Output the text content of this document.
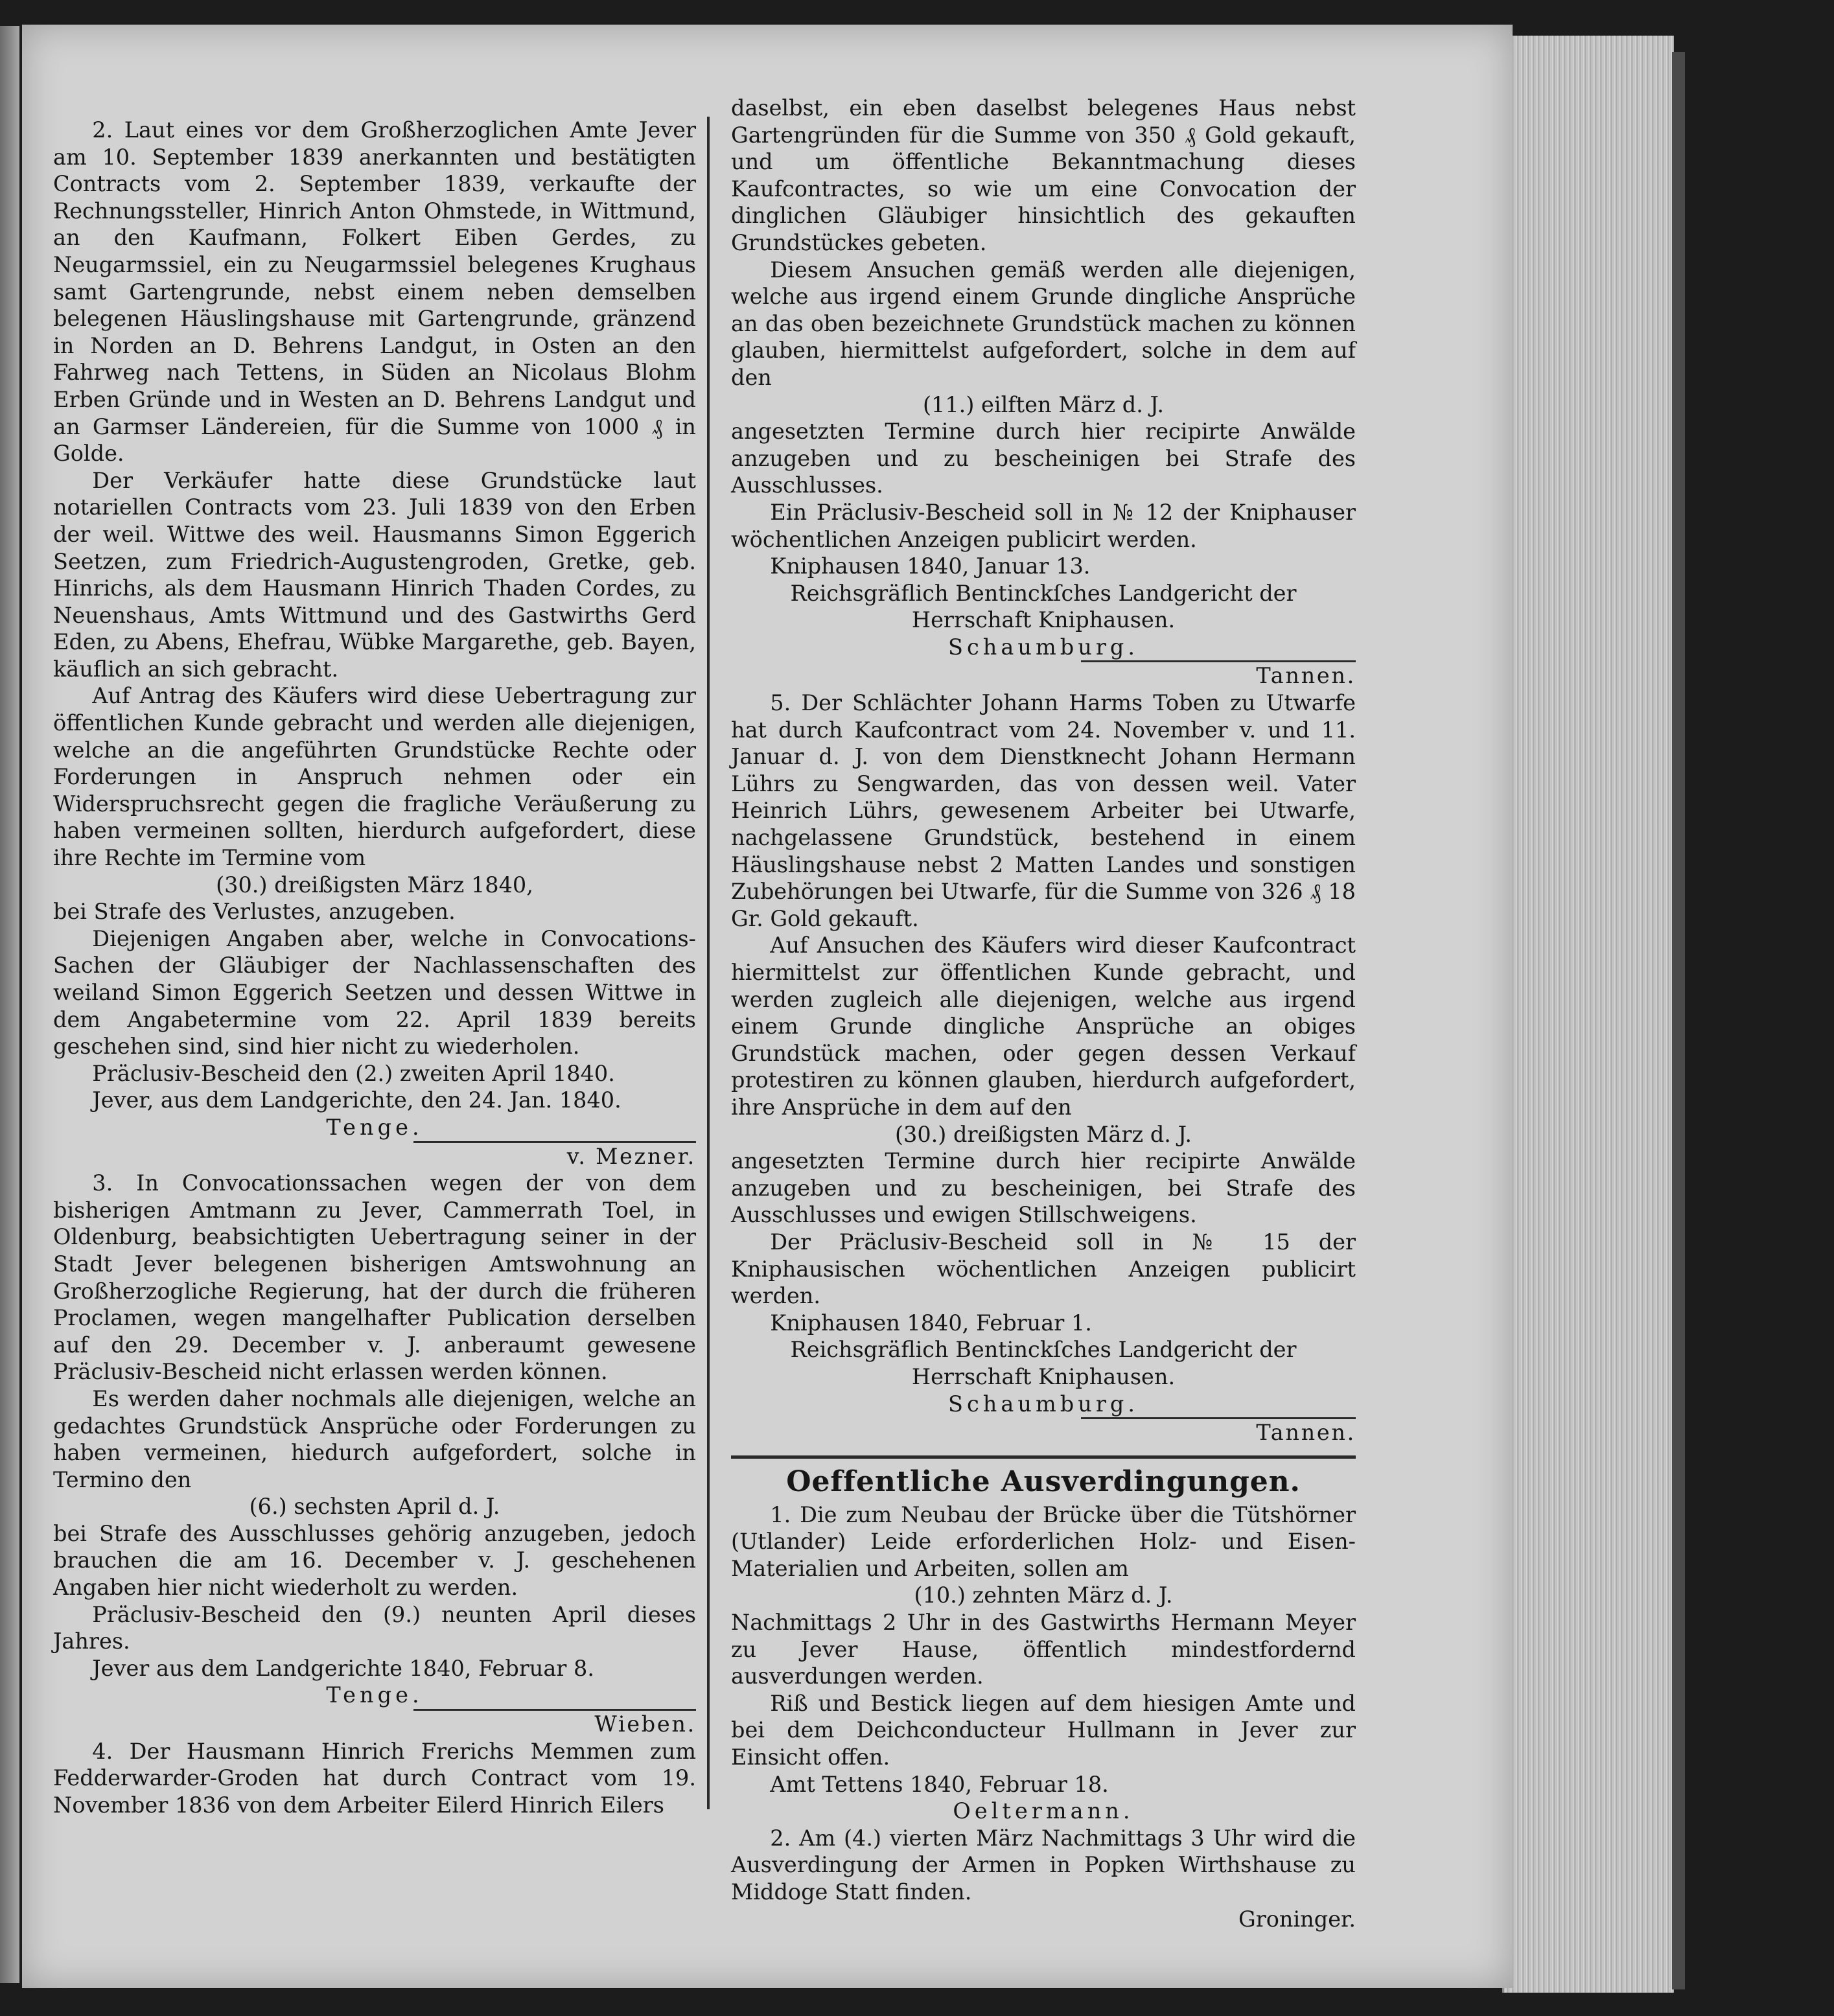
2. Laut eines vor dem Großherzoglichen Amte Jever am 10. September 1839 anerkannten und bestätigten Contracts vom 2. September 1839, verkaufte der Rechnungssteller, Hinrich Anton Ohmstede, in Wittmund, an den Kaufmann, Folkert Eiben Gerdes, zu Neugarmssiel, ein zu Neugarmssiel belegenes Krughaus samt Gartengrunde, nebst einem neben demselben belegenen Häuslingshause mit Gartengrunde, gränzend in Norden an D. Behrens Landgut, in Osten an den Fahrweg nach Tettens, in Süden an Nicolaus Blohm Erben Gründe und in Westen an D. Behrens Landgut und an Garmser Ländereien, für die Summe von 1000 ₰ in Golde.

Der Verkäufer hatte diese Grundstücke laut notariellen Contracts vom 23. Juli 1839 von den Erben der weil. Wittwe des weil. Hausmanns Simon Eggerich Seetzen, zum Friedrich-Augustengroden, Gretke, geb. Hinrichs, als dem Hausmann Hinrich Thaden Cordes, zu Neuenshaus, Amts Wittmund und des Gastwirths Gerd Eden, zu Abens, Ehefrau, Wübke Margarethe, geb. Bayen, käuflich an sich gebracht.

Auf Antrag des Käufers wird diese Uebertragung zur öffentlichen Kunde gebracht und werden alle diejenigen, welche an die angeführten Grundstücke Rechte oder Forderungen in Anspruch nehmen oder ein Widerspruchsrecht gegen die fragliche Veräußerung zu haben vermeinen sollten, hierdurch aufgefordert, diese ihre Rechte im Termine vom

(30.) dreißigsten März 1840,

bei Strafe des Verlustes, anzugeben.

Diejenigen Angaben aber, welche in Convocations-Sachen der Gläubiger der Nachlassenschaften des weiland Simon Eggerich Seetzen und dessen Wittwe in dem Angabetermine vom 22. April 1839 bereits geschehen sind, sind hier nicht zu wiederholen.

Präclusiv-Bescheid den (2.) zweiten April 1840.

Jever, aus dem Landgerichte, den 24. Jan. 1840.

Tenge.

v. Mezner.

3. In Convocationssachen wegen der von dem bisherigen Amtmann zu Jever, Cammerrath Toel, in Oldenburg, beabsichtigten Uebertragung seiner in der Stadt Jever belegenen bisherigen Amtswohnung an Großherzogliche Regierung, hat der durch die früheren Proclamen, wegen mangelhafter Publication derselben auf den 29. December v. J. anberaumt gewesene Präclusiv-Bescheid nicht erlassen werden können.

Es werden daher nochmals alle diejenigen, welche an gedachtes Grundstück Ansprüche oder Forderungen zu haben vermeinen, hiedurch aufgefordert, solche in Termino den

(6.) sechsten April d. J.

bei Strafe des Ausschlusses gehörig anzugeben, jedoch brauchen die am 16. December v. J. geschehenen Angaben hier nicht wiederholt zu werden.

Präclusiv-Bescheid den (9.) neunten April dieses Jahres.

Jever aus dem Landgerichte 1840, Februar 8.

Tenge.

Wieben.

4. Der Hausmann Hinrich Frerichs Memmen zum Fedderwarder-Groden hat durch Contract vom 19. November 1836 von dem Arbeiter Eilerd Hinrich Eilers

daselbst, ein eben daselbst belegenes Haus nebst Gartengründen für die Summe von 350 ₰ Gold gekauft, und um öffentliche Bekanntmachung dieses Kaufcontractes, so wie um eine Convocation der dinglichen Gläubiger hinsichtlich des gekauften Grundstückes gebeten.

Diesem Ansuchen gemäß werden alle diejenigen, welche aus irgend einem Grunde dingliche Ansprüche an das oben bezeichnete Grundstück machen zu können glauben, hiermittelst aufgefordert, solche in dem auf den

(11.) eilften März d. J.

angesetzten Termine durch hier recipirte Anwälde anzugeben und zu bescheinigen bei Strafe des Ausschlusses.

Ein Präclusiv-Bescheid soll in № 12 der Kniphauser wöchentlichen Anzeigen publicirt werden.

Kniphausen 1840, Januar 13.

Reichsgräflich Bentinckſches Landgericht der Herrschaft Kniphausen.

Schaumburg.

Tannen.

5. Der Schlächter Johann Harms Toben zu Utwarfe hat durch Kaufcontract vom 24. November v. und 11. Januar d. J. von dem Dienstknecht Johann Hermann Lührs zu Sengwarden, das von dessen weil. Vater Heinrich Lührs, gewesenem Arbeiter bei Utwarfe, nachgelassene Grundstück, bestehend in einem Häuslingshause nebst 2 Matten Landes und sonstigen Zubehörungen bei Utwarfe, für die Summe von 326 ₰ 18 Gr. Gold gekauft.

Auf Ansuchen des Käufers wird dieser Kaufcontract hiermittelst zur öffentlichen Kunde gebracht, und werden zugleich alle diejenigen, welche aus irgend einem Grunde dingliche Ansprüche an obiges Grundstück machen, oder gegen dessen Verkauf protestiren zu können glauben, hierdurch aufgefordert, ihre Ansprüche in dem auf den

(30.) dreißigsten März d. J.

angesetzten Termine durch hier recipirte Anwälde anzugeben und zu bescheinigen, bei Strafe des Ausschlusses und ewigen Stillschweigens.

Der Präclusiv-Bescheid soll in № 15 der Kniphausischen wöchentlichen Anzeigen publicirt werden.

Kniphausen 1840, Februar 1.

Reichsgräflich Bentinckſches Landgericht der Herrschaft Kniphausen.

Schaumburg.

Tannen.

Oeffentliche Ausverdingungen.

1. Die zum Neubau der Brücke über die Tütshörner (Utlander) Leide erforderlichen Holz- und Eisen-Materialien und Arbeiten, sollen am

(10.) zehnten März d. J.

Nachmittags 2 Uhr in des Gastwirths Hermann Meyer zu Jever Hause, öffentlich mindestfordernd ausverdungen werden.

Riß und Bestick liegen auf dem hiesigen Amte und bei dem Deichconducteur Hullmann in Jever zur Einsicht offen.

Amt Tettens 1840, Februar 18.

Oeltermann.

2. Am (4.) vierten März Nachmittags 3 Uhr wird die Ausverdingung der Armen in Popken Wirthshause zu Middoge Statt finden.

Groninger.
